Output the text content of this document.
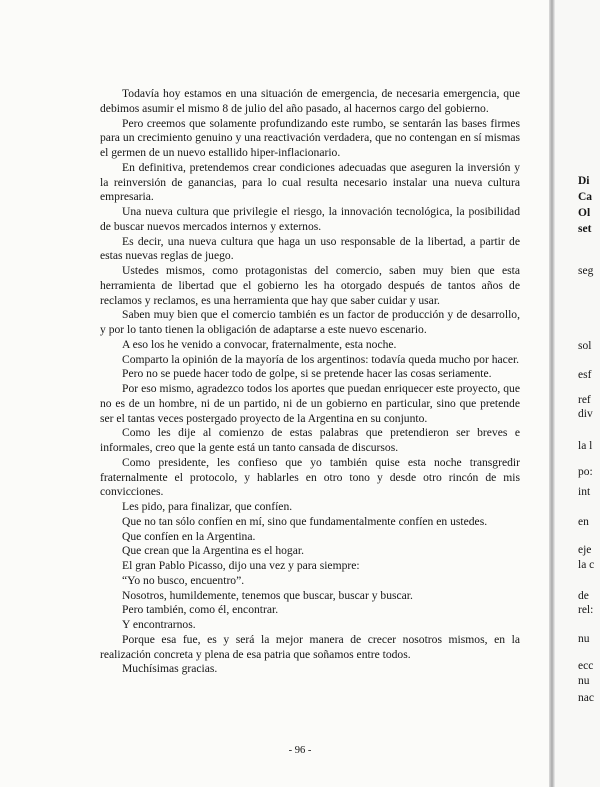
Todavía hoy estamos en una situación de emergencia, de necesaria emergencia, que debimos asumir el mismo 8 de julio del año pasado, al hacernos cargo del gobierno.

Pero creemos que solamente profundizando este rumbo, se sentarán las bases firmes para un crecimiento genuino y una reactivación verdadera, que no contengan en sí mismas el germen de un nuevo estallido hiper-inflacionario.

En definitiva, pretendemos crear condiciones adecuadas que aseguren la inversión y la reinversión de ganancias, para lo cual resulta necesario instalar una nueva cultura empresaria.

Una nueva cultura que privilegie el riesgo, la innovación tecnológica, la posibilidad de buscar nuevos mercados internos y externos.

Es decir, una nueva cultura que haga un uso responsable de la libertad, a partir de estas nuevas reglas de juego.

Ustedes mismos, como protagonistas del comercio, saben muy bien que esta herramienta de libertad que el gobierno les ha otorgado después de tantos años de reclamos y reclamos, es una herramienta que hay que saber cuidar y usar.

Saben muy bien que el comercio también es un factor de producción y de desarrollo, y por lo tanto tienen la obligación de adaptarse a este nuevo escenario.

A eso los he venido a convocar, fraternalmente, esta noche.

Comparto la opinión de la mayoría de los argentinos: todavía queda mucho por hacer.

Pero no se puede hacer todo de golpe, si se pretende hacer las cosas seriamente.

Por eso mismo, agradezco todos los aportes que puedan enriquecer este proyecto, que no es de un hombre, ni de un partido, ni de un gobierno en particular, sino que pretende ser el tantas veces postergado proyecto de la Argentina en su conjunto.

Como les dije al comienzo de estas palabras que pretendieron ser breves e informales, creo que la gente está un tanto cansada de discursos.

Como presidente, les confieso que yo también quise esta noche transgredir fraternalmente el protocolo, y hablarles en otro tono y desde otro rincón de mis convicciones.

Les pido, para finalizar, que confíen.

Que no tan sólo confíen en mí, sino que fundamentalmente confíen en ustedes.

Que confíen en la Argentina.

Que crean que la Argentina es el hogar.

El gran Pablo Picasso, dijo una vez y para siempre:

“Yo no busco, encuentro”.

Nosotros, humildemente, tenemos que buscar, buscar y buscar.

Pero también, como él, encontrar.

Y encontrarnos.

Porque esa fue, es y será la mejor manera de crecer nosotros mismos, en la realización concreta y plena de esa patria que soñamos entre todos.

Muchísimas gracias.

Di
Ca
Ol
set
seg
sol
esf
ref
div
la l
po:
int
en
eje
la c
de
rel:
nu
ecc
nu
nac
- 96 -
